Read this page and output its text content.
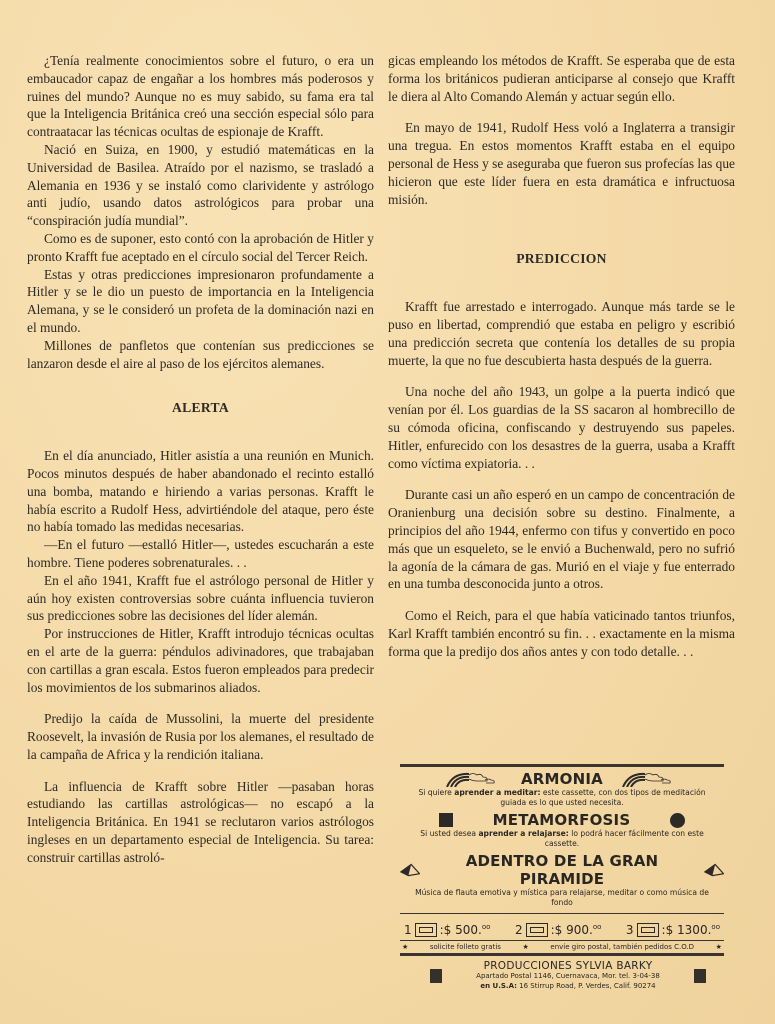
¿Tenía realmente conocimientos sobre el futuro, o era un embaucador capaz de engañar a los hombres más poderosos y ruines del mundo? Aunque no es muy sabido, su fama era tal que la Inteligencia Británica creó una sección especial sólo para contraatacar las técnicas ocultas de espionaje de Krafft.

Nació en Suiza, en 1900, y estudió matemáticas en la Universidad de Basilea. Atraído por el nazismo, se trasladó a Alemania en 1936 y se instaló como clarividente y astrólogo anti judío, usando datos astrológicos para probar una “conspiración judía mundial”.

Como es de suponer, esto contó con la aprobación de Hitler y pronto Krafft fue aceptado en el círculo social del Tercer Reich.

Estas y otras predicciones impresionaron profundamente a Hitler y se le dio un puesto de importancia en la Inteligencia Alemana, y se le consideró un profeta de la dominación nazi en el mundo.

Millones de panfletos que contenían sus predicciones se lanzaron desde el aire al paso de los ejércitos alemanes.

ALERTA

En el día anunciado, Hitler asistía a una reunión en Munich. Pocos minutos después de haber abandonado el recinto estalló una bomba, matando e hiriendo a varias personas. Krafft le había escrito a Rudolf Hess, advirtiéndole del ataque, pero éste no había tomado las medidas necesarias.

—En el futuro —estalló Hitler—, ustedes escucharán a este hombre. Tiene poderes sobrenaturales. . .

En el año 1941, Krafft fue el astrólogo personal de Hitler y aún hoy existen controversias sobre cuánta influencia tuvieron sus predicciones sobre las decisiones del líder alemán.

Por instrucciones de Hitler, Krafft introdujo técnicas ocultas en el arte de la guerra: péndulos adivinadores, que trabajaban con cartillas a gran escala. Estos fueron empleados para predecir los movimientos de los submarinos aliados.

Predijo la caída de Mussolini, la muerte del presidente Roosevelt, la invasión de Rusia por los alemanes, el resultado de la campaña de Africa y la rendición italiana.

La influencia de Krafft sobre Hitler —pasaban horas estudiando las cartillas astrológicas— no escapó a la Inteligencia Británica. En 1941 se reclutaron varios astrólogos ingleses en un departamento especial de Inteligencia. Su tarea: construir cartillas astroló-

gicas empleando los métodos de Krafft. Se esperaba que de esta forma los británicos pudieran anticiparse al consejo que Krafft le diera al Alto Comando Alemán y actuar según ello.

En mayo de 1941, Rudolf Hess voló a Inglaterra a transigir una tregua. En estos momentos Krafft estaba en el equipo personal de Hess y se aseguraba que fueron sus profecías las que hicieron que este líder fuera en esta dramática e infructuosa misión.

PREDICCION

Krafft fue arrestado e interrogado. Aunque más tarde se le puso en libertad, comprendió que estaba en peligro y escribió una predicción secreta que contenía los detalles de su propia muerte, la que no fue descubierta hasta después de la guerra.

Una noche del año 1943, un golpe a la puerta indicó que venían por él. Los guardias de la SS sacaron al hombrecillo de su cómoda oficina, confiscando y destruyendo sus papeles. Hitler, enfurecido con los desastres de la guerra, usaba a Krafft como víctima expiatoria. . .

Durante casi un año esperó en un campo de concentración de Oranienburg una decisión sobre su destino. Finalmente, a principios del año 1944, enfermo con tifus y convertido en poco más que un esqueleto, se le envió a Buchenwald, pero no sufrió la agonía de la cámara de gas. Murió en el viaje y fue enterrado en una tumba desconocida junto a otros.

Como el Reich, para el que había vaticinado tantos triunfos, Karl Krafft también encontró su fin. . . exactamente en la misma forma que la predijo dos años antes y con todo detalle. . .

ARMONIA
Si quiere aprender a meditar: este cassette, con dos tipos de meditación guiada es lo que usted necesita.
METAMORFOSIS
Si usted desea aprender a relajarse: lo podrá hacer fácilmente con este cassette.
ADENTRO DE LA GRAN PIRAMIDE
Música de flauta emotiva y mística para relajarse, meditar o como música de fondo
1 :$ 500.$^{oo}$ 2 :$ 900.$^{oo}$ 3 :$ 1300.$^{oo}$
★	solicite folleto gratis	★	envíe giro postal, también pedidos C.O.D	★
PRODUCCIONES SYLVIA BARKY
Apartado Postal 1146, Cuernavaca, Mor. tel. 3-04-38
en U.S.A: 16 Stirrup Road, P. Verdes, Calif. 90274
